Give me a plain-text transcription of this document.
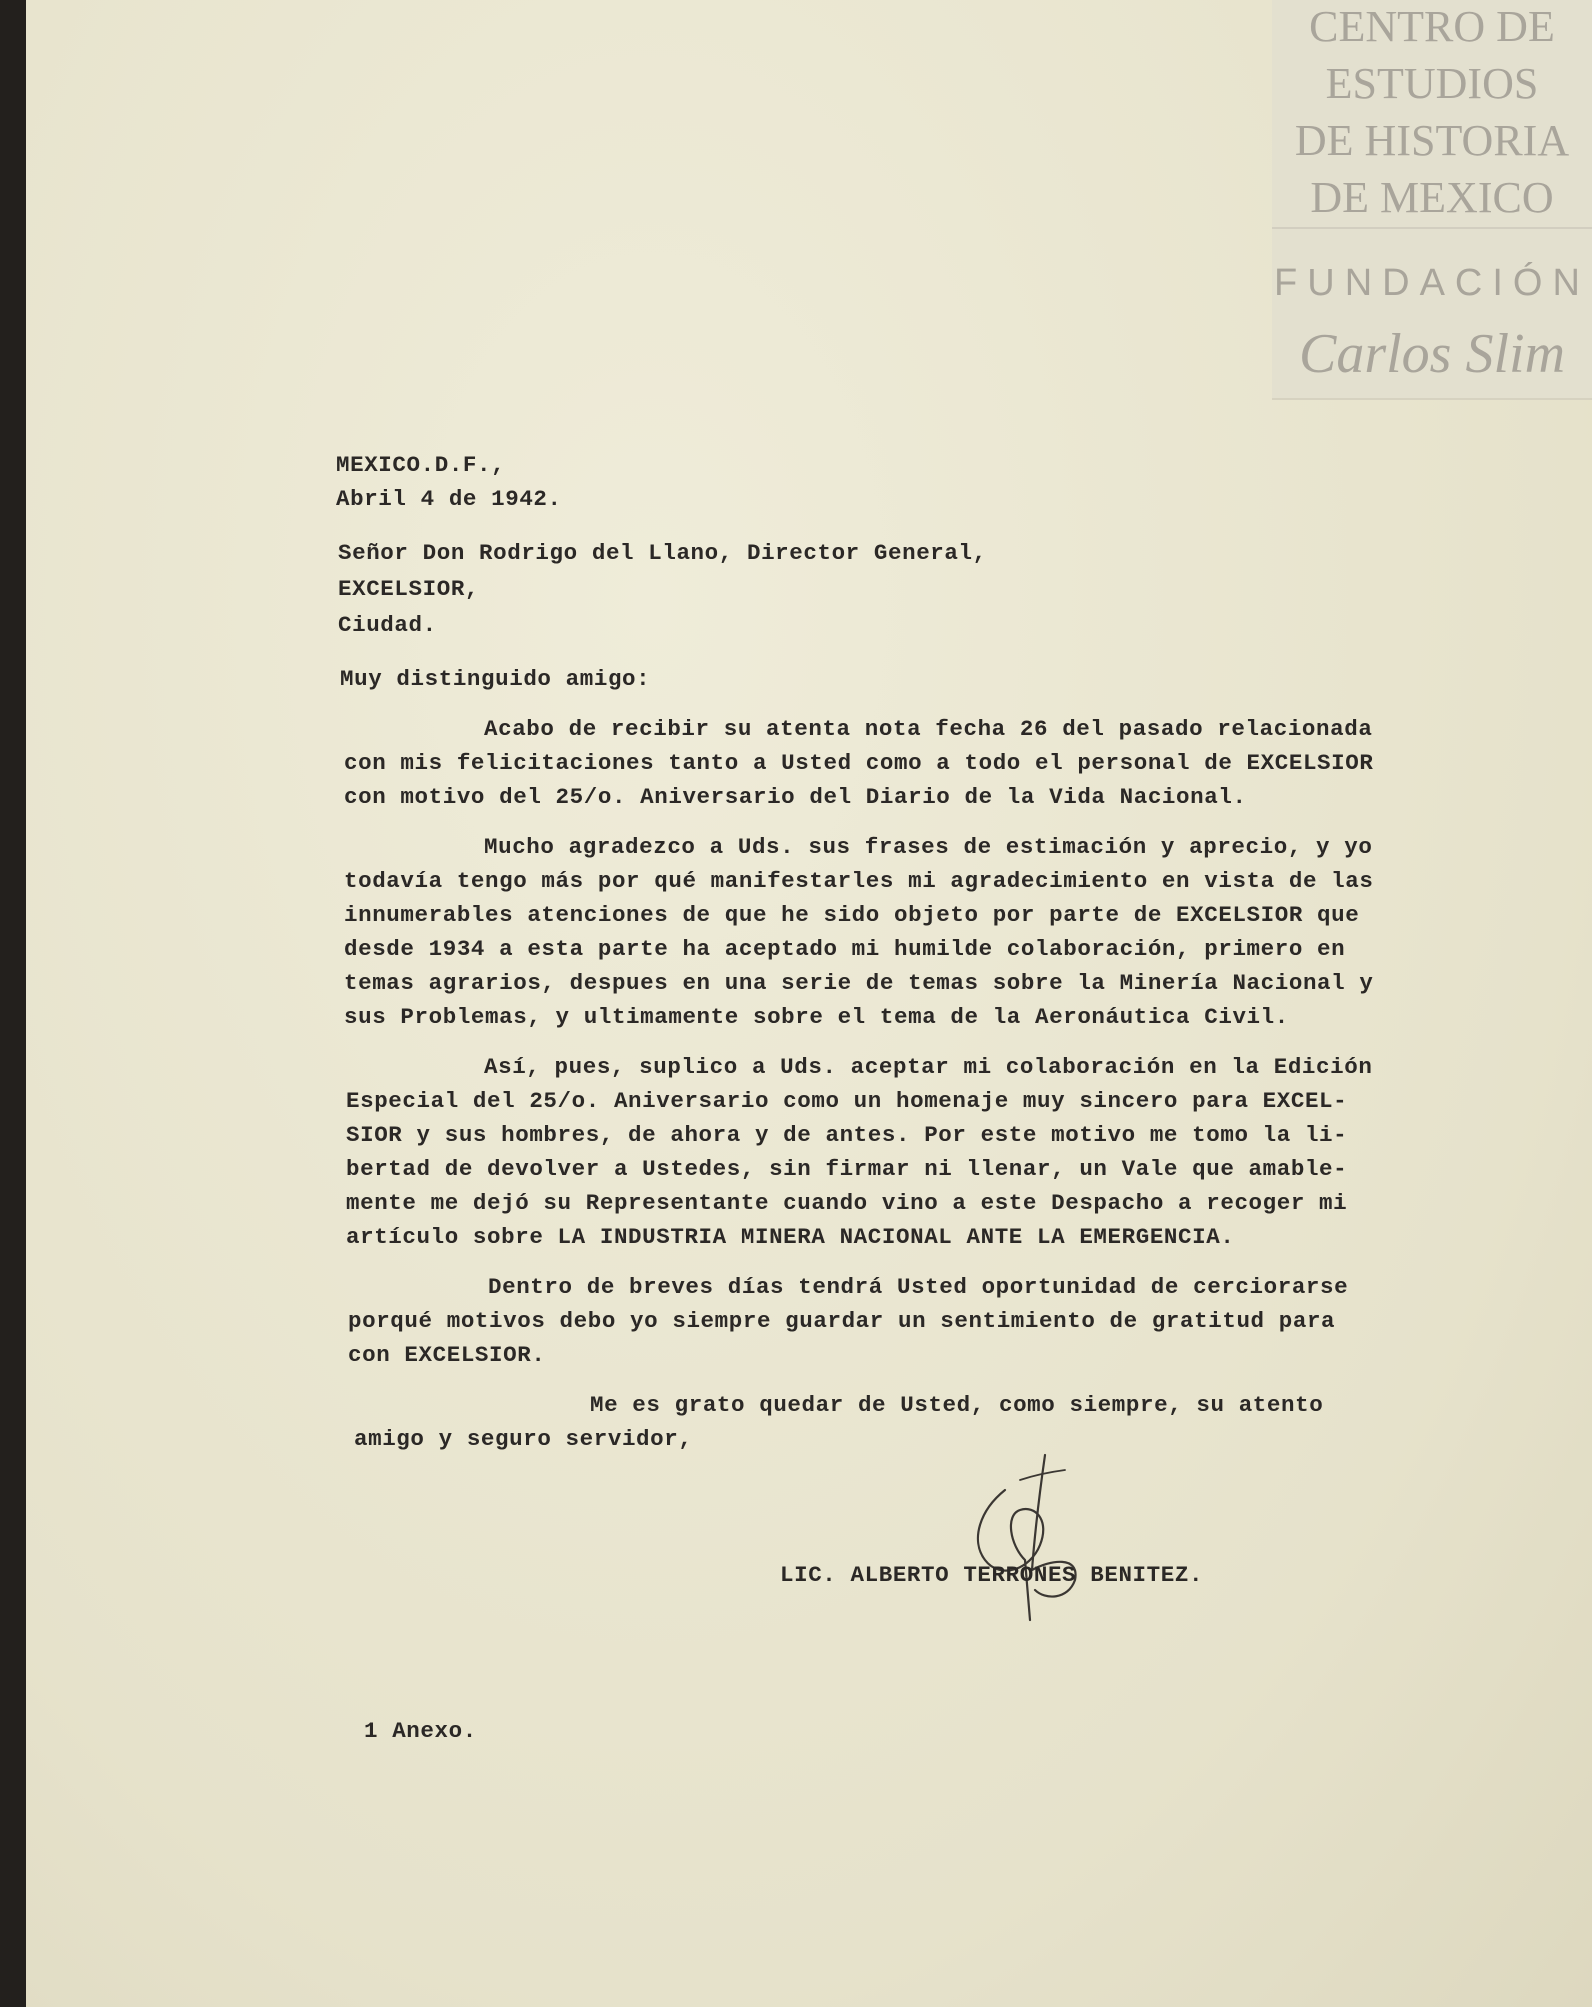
CENTRO DE
ESTUDIOS
DE HISTORIA
DE MEXICO
FUNDACIÓN
Carlos Slim
MEXICO.D.F.,
Abril 4 de 1942.
Señor Don Rodrigo del Llano, Director General,
EXCELSIOR,
Ciudad.
Muy distinguido amigo:
Acabo de recibir su atenta nota fecha 26 del pasado relacionada
con mis felicitaciones tanto a Usted como a todo el personal de EXCELSIOR
con motivo del 25/o. Aniversario del Diario de la Vida Nacional.
Mucho agradezco a Uds. sus frases de estimación y aprecio, y yo
todavía tengo más por qué manifestarles mi agradecimiento en vista de las
innumerables atenciones de que he sido objeto por parte de EXCELSIOR que
desde 1934 a esta parte ha aceptado mi humilde colaboración, primero en
temas agrarios, despues en una serie de temas sobre la Minería Nacional y
sus Problemas, y ultimamente sobre el tema de la Aeronáutica Civil.
Así, pues, suplico a Uds. aceptar mi colaboración en la Edición
Especial del 25/o. Aniversario como un homenaje muy sincero para EXCEL-
SIOR y sus hombres, de ahora y de antes. Por este motivo me tomo la li-
bertad de devolver a Ustedes, sin firmar ni llenar, un Vale que amable-
mente me dejó su Representante cuando vino a este Despacho a recoger mi
artículo sobre LA INDUSTRIA MINERA NACIONAL ANTE LA EMERGENCIA.
Dentro de breves días tendrá Usted oportunidad de cerciorarse
porqué motivos debo yo siempre guardar un sentimiento de gratitud para
con EXCELSIOR.
Me es grato quedar de Usted, como siempre, su atento
amigo y seguro servidor,
LIC. ALBERTO TERRONES BENITEZ.
1 Anexo.
